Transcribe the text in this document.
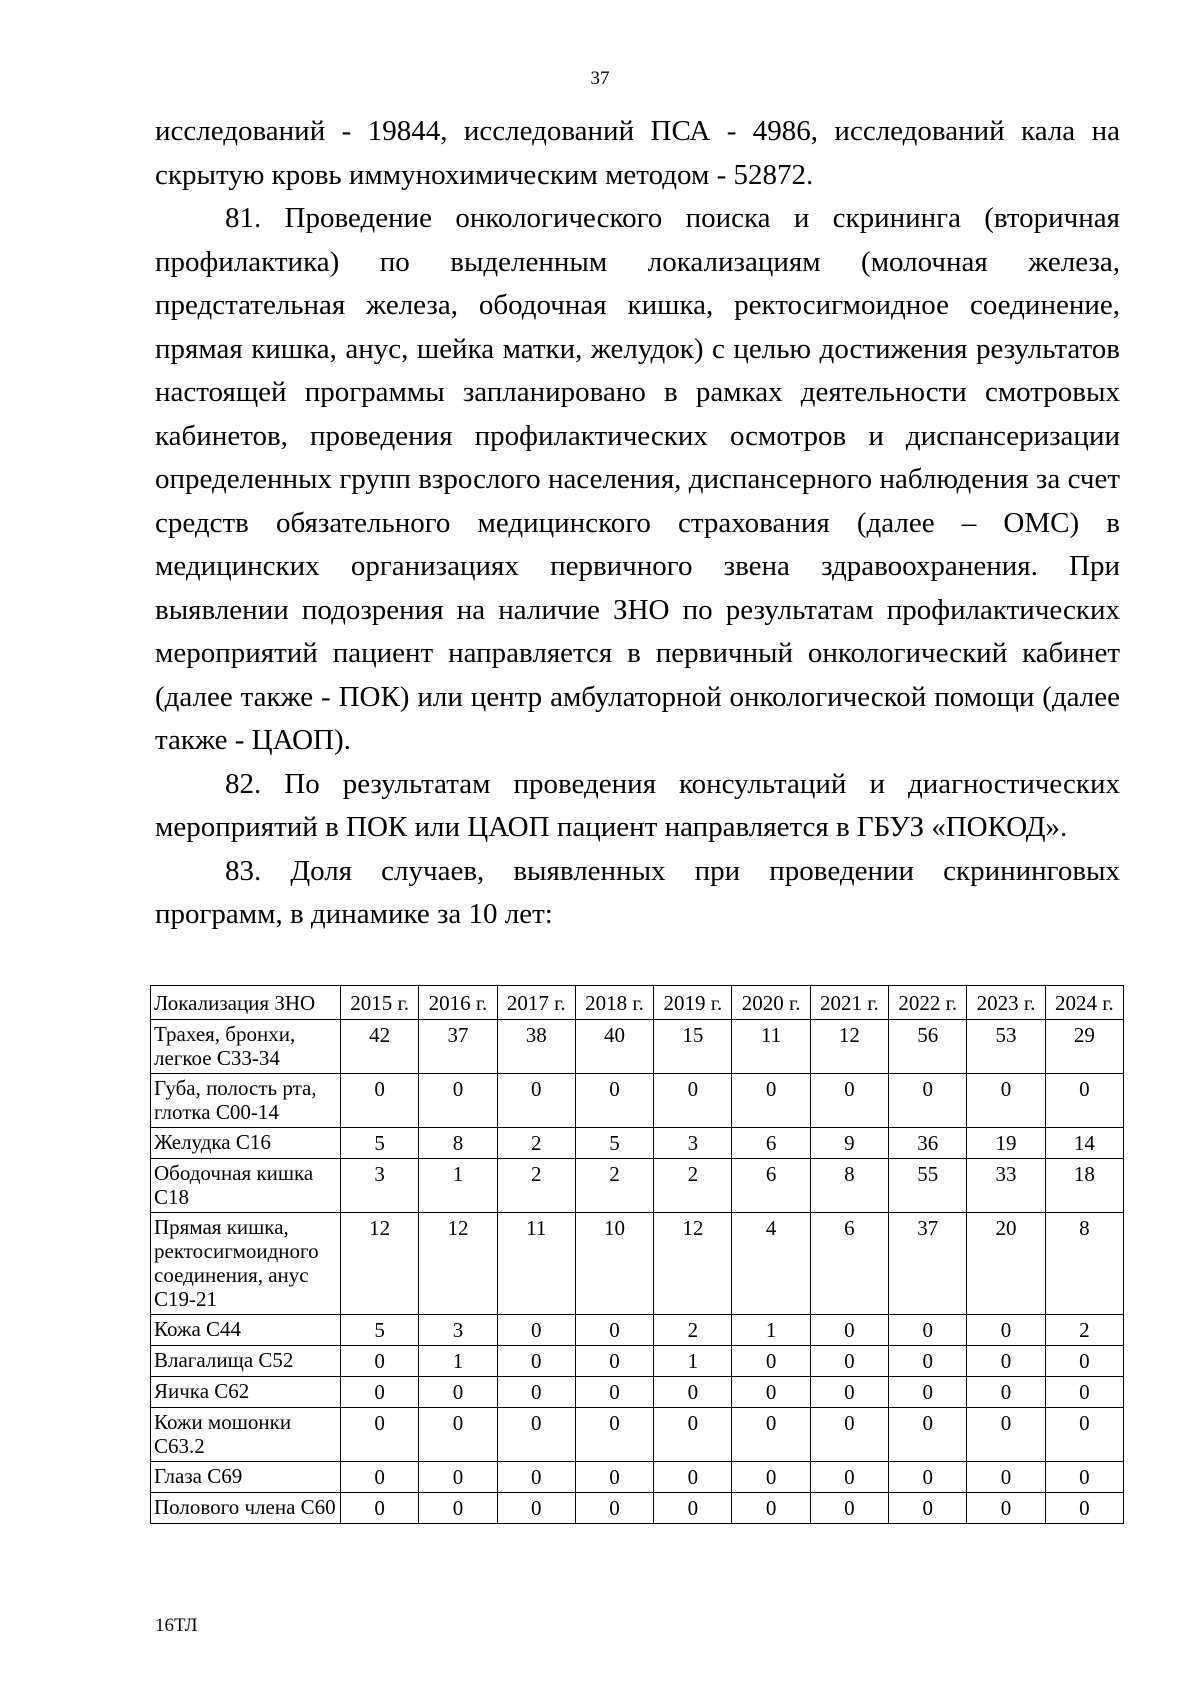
37

исследований - 19844, исследований ПСА - 4986, исследований кала на скрытую кровь иммунохимическим методом - 52872.

81. Проведение онкологического поиска и скрининга (вторичная профилактика) по выделенным локализациям (молочная железа, предстательная железа, ободочная кишка, ректосигмоидное соединение, прямая кишка, анус, шейка матки, желудок) с целью достижения результатов настоящей программы запланировано в рамках деятельности смотровых кабинетов, проведения профилактических осмотров и диспансеризации определенных групп взрослого населения, диспансерного наблюдения за счет средств обязательного медицинского страхования (далее – ОМС) в медицинских организациях первичного звена здравоохранения. При выявлении подозрения на наличие ЗНО по результатам профилактических мероприятий пациент направляется в первичный онкологический кабинет (далее также - ПОК) или центр амбулаторной онкологической помощи (далее также - ЦАОП).

82. По результатам проведения консультаций и диагностических мероприятий в ПОК или ЦАОП пациент направляется в ГБУЗ «ПОКОД».

83. Доля случаев, выявленных при проведении скрининговых программ, в динамике за 10 лет:

Локализация ЗНО	2015 г.	2016 г.	2017 г.	2018 г.	2019 г.	2020 г.	2021 г.	2022 г.	2023 г.	2024 г.
Трахея, бронхи, легкое С33-34	42	37	38	40	15	11	12	56	53	29
Губа, полость рта, глотка С00-14	0	0	0	0	0	0	0	0	0	0
Желудка С16	5	8	2	5	3	6	9	36	19	14
Ободочная кишка С18	3	1	2	2	2	6	8	55	33	18
Прямая кишка, ректосигмоидного соединения, анус С19-21	12	12	11	10	12	4	6	37	20	8
Кожа С44	5	3	0	0	2	1	0	0	0	2
Влагалища С52	0	1	0	0	1	0	0	0	0	0
Яичка С62	0	0	0	0	0	0	0	0	0	0
Кожи мошонки С63.2	0	0	0	0	0	0	0	0	0	0
Глаза С69	0	0	0	0	0	0	0	0	0	0
Полового члена С60	0	0	0	0	0	0	0	0	0	0
16ТЛ
